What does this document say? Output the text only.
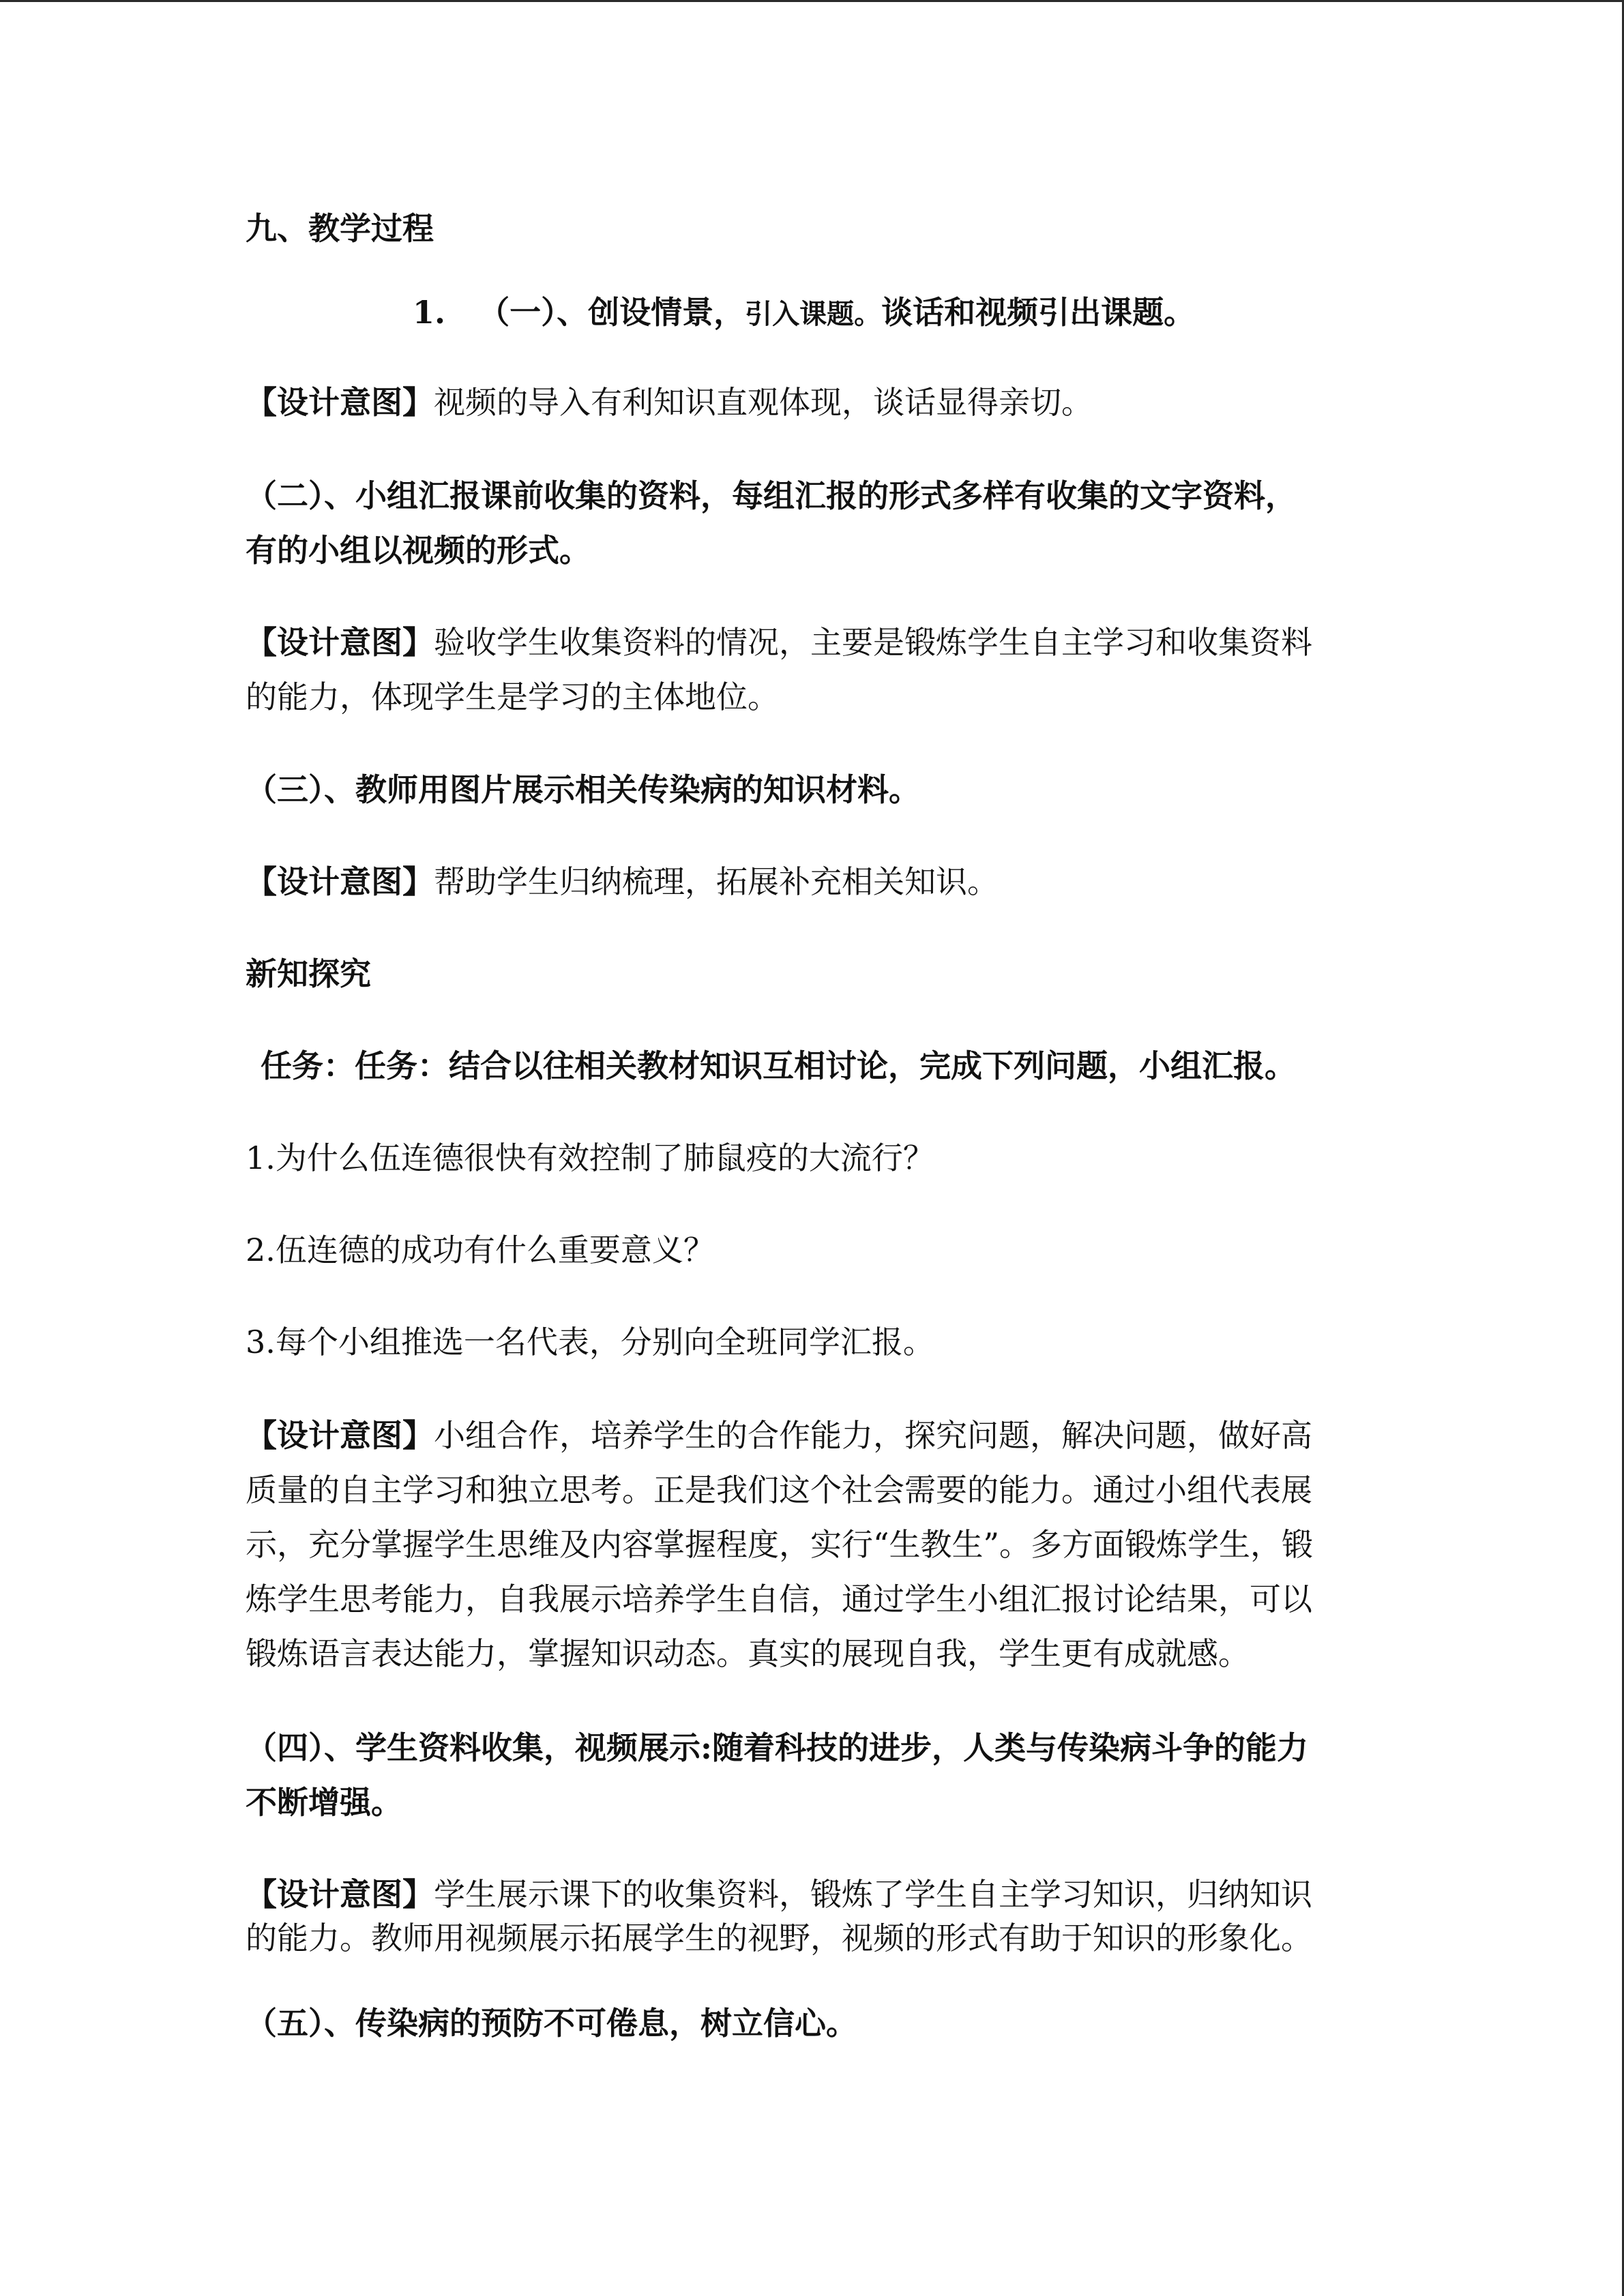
九、教学过程
1. （一）、创设情景，引入课题。谈话和视频引出课题。
【设计意图】视频的导入有利知识直观体现，谈话显得亲切。
（二）、小组汇报课前收集的资料，每组汇报的形式多样有收集的文字资料，
有的小组以视频的形式。
【设计意图】验收学生收集资料的情况，主要是锻炼学生自主学习和收集资料
的能力，体现学生是学习的主体地位。
（三）、教师用图片展示相关传染病的知识材料。
【设计意图】帮助学生归纳梳理，拓展补充相关知识。
新知探究
任务：任务：结合以往相关教材知识互相讨论，完成下列问题，小组汇报。
1.为什么伍连德很快有效控制了肺鼠疫的大流行？
2.伍连德的成功有什么重要意义？
3.每个小组推选一名代表，分别向全班同学汇报。
【设计意图】小组合作，培养学生的合作能力，探究问题，解决问题，做好高
质量的自主学习和独立思考。正是我们这个社会需要的能力。通过小组代表展
示，充分掌握学生思维及内容掌握程度，实行“生教生”。多方面锻炼学生，锻
炼学生思考能力，自我展示培养学生自信，通过学生小组汇报讨论结果，可以
锻炼语言表达能力，掌握知识动态。真实的展现自我，学生更有成就感。
（四）、学生资料收集，视频展示:随着科技的进步，人类与传染病斗争的能力
不断增强。
【设计意图】学生展示课下的收集资料，锻炼了学生自主学习知识，归纳知识
的能力。教师用视频展示拓展学生的视野，视频的形式有助于知识的形象化。
（五）、传染病的预防不可倦息，树立信心。
